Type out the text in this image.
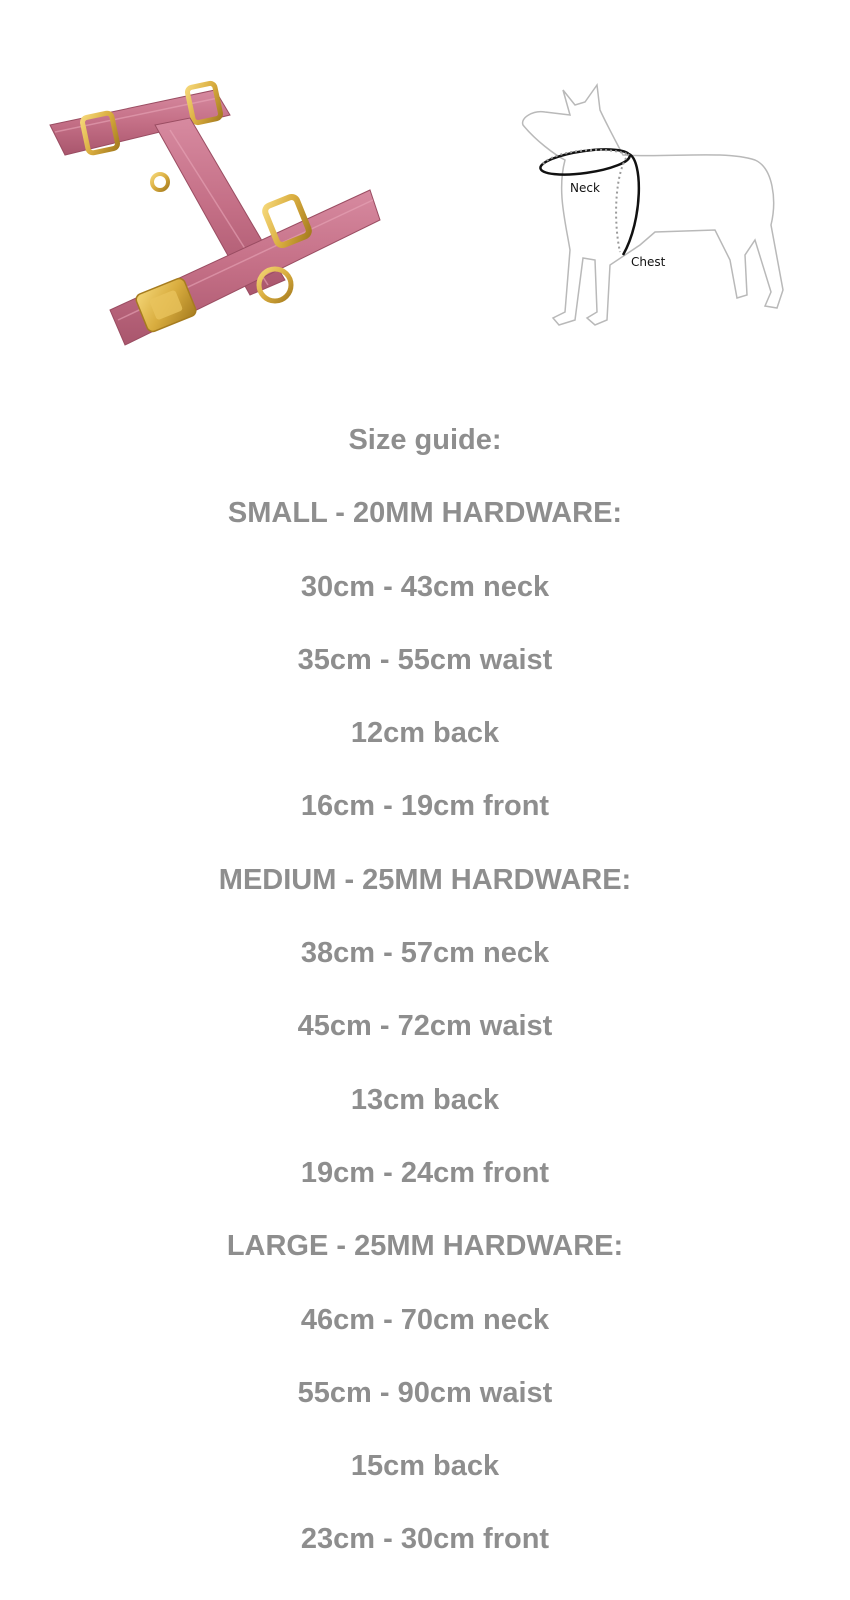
Neck
Chest
Size guide:
SMALL - 20MM HARDWARE:
30cm - 43cm neck
35cm - 55cm waist
12cm back
16cm - 19cm front
MEDIUM - 25MM HARDWARE:
38cm - 57cm neck
45cm - 72cm waist
13cm back
19cm - 24cm front
LARGE - 25MM HARDWARE:
46cm - 70cm neck
55cm - 90cm waist
15cm back
23cm - 30cm front
